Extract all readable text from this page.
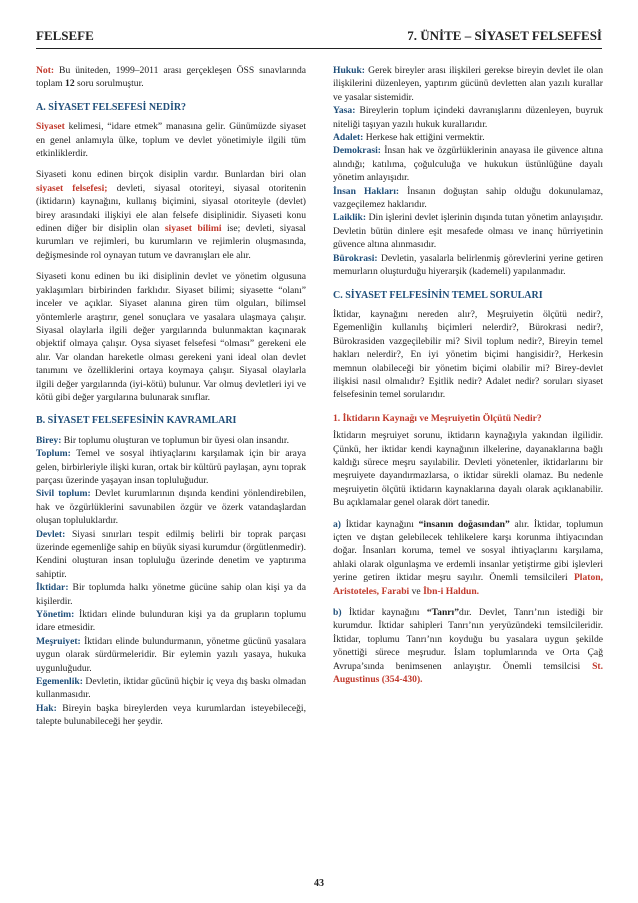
FELSEFE	7. ÜNİTE – SİYASET FELSEFESİ

Not: Bu üniteden, 1999–2011 arası gerçekleşen ÖSS sınavlarında toplam 12 soru sorulmuştur.

A. SİYASET FELSEFESİ NEDİR?

Siyaset kelimesi, “idare etmek” manasına gelir. Günümüzde siyaset en genel anlamıyla ülke, toplum ve devlet yönetimiyle ilgili tüm etkinliklerdir.

Siyaseti konu edinen birçok disiplin vardır. Bunlardan biri olan siyaset felsefesi; devleti, siyasal otoriteyi, siyasal otoritenin (iktidarın) kaynağını, kullanış biçimini, siyasal otoriteyle (devlet) birey arasındaki ilişkiyi ele alan felsefe disiplinidir. Siyaseti konu edinen diğer bir disiplin olan siyaset bilimi ise; devleti, siyasal kurumları ve rejimleri, bu kurumların ve rejimlerin oluşmasında, değişmesinde rol oynayan tutum ve davranışları ele alır.

Siyaseti konu edinen bu iki disiplinin devlet ve yönetim olgusuna yaklaşımları birbirinden farklıdır. Siyaset bilimi; siyasette “olanı” inceler ve açıklar. Siyaset alanına giren tüm olguları, bilimsel yöntemlerle araştırır, genel sonuçlara ve yasalara ulaşmaya çalışır. Siyasal olaylarla ilgili değer yargılarında bulunmaktan kaçınarak objektif olmaya çalışır. Oysa siyaset felsefesi “olması” gerekeni ele alır. Var olandan hareketle olması gerekeni yani ideal olan devlet tanımını ve özelliklerini ortaya koymaya çalışır. Siyasal olaylarla ilgili değer yargılarında (iyi-kötü) bulunur. Var olmuş devletleri iyi ve kötü gibi değer yargılarına bulunarak sınıflar.

B. SİYASET FELSEFESİNİN KAVRAMLARI

Birey: Bir toplumu oluşturan ve toplumun bir üyesi olan insandır.

Toplum: Temel ve sosyal ihtiyaçlarını karşılamak için bir araya gelen, birbirleriyle ilişki kuran, ortak bir kültürü paylaşan, aynı toprak parçası üzerinde yaşayan insan topluluğudur.

Sivil toplum: Devlet kurumlarının dışında kendini yönlendirebilen, hak ve özgürlüklerini savunabilen özgür ve özerk vatandaşlardan oluşan topluluklardır.

Devlet: Siyasi sınırları tespit edilmiş belirli bir toprak parçası üzerinde egemenliğe sahip en büyük siyasi kurumdur (örgütlenmedir). Kendini oluşturan insan topluluğu üzerinde denetim ve yaptırıma sahiptir.

İktidar: Bir toplumda halkı yönetme gücüne sahip olan kişi ya da kişilerdir.

Yönetim: İktidarı elinde bulunduran kişi ya da grupların toplumu idare etmesidir.

Meşruiyet: İktidarı elinde bulundurmanın, yönetme gücünü yasalara uygun olarak sürdürmeleridir. Bir eylemin yazılı yasaya, hukuka uygunluğudur.

Egemenlik: Devletin, iktidar gücünü hiçbir iç veya dış baskı olmadan kullanmasıdır.

Hak: Bireyin başka bireylerden veya kurumlardan isteyebileceği, talepte bulunabileceği her şeydir.

Hukuk: Gerek bireyler arası ilişkileri gerekse bireyin devlet ile olan ilişkilerini düzenleyen, yaptırım gücünü devletten alan yazılı kurallar ve yasalar sistemidir.

Yasa: Bireylerin toplum içindeki davranışlarını düzenleyen, buyruk niteliği taşıyan yazılı hukuk kurallarıdır.

Adalet: Herkese hak ettiğini vermektir.

Demokrasi: İnsan hak ve özgürlüklerinin anayasa ile güvence altına alındığı; katılıma, çoğulculuğa ve hukukun üstünlüğüne dayalı yönetim anlayışıdır.

İnsan Hakları: İnsanın doğuştan sahip olduğu dokunulamaz, vazgeçilemez haklarıdır.

Laiklik: Din işlerini devlet işlerinin dışında tutan yönetim anlayışıdır. Devletin bütün dinlere eşit mesafede olması ve inanç hürriyetinin güvence altına alınmasıdır.

Bürokrasi: Devletin, yasalarla belirlenmiş görevlerini yerine getiren memurların oluşturduğu hiyerarşik (kademeli) yapılanmadır.

C. SİYASET FELFESİNİN TEMEL SORULARI

İktidar, kaynağını nereden alır?, Meşruiyetin ölçütü nedir?, Egemenliğin kullanılış biçimleri nelerdir?, Bürokrasi nedir?, Bürokrasiden vazgeçilebilir mi? Sivil toplum nedir?, Bireyin temel hakları nelerdir?, En iyi yönetim biçimi hangisidir?, Herkesin memnun olabileceği bir yönetim biçimi olabilir mi? Birey-devlet ilişkisi nasıl olmalıdır? Eşitlik nedir? Adalet nedir? soruları siyaset felsefesinin temel sorularıdır.

1. İktidarın Kaynağı ve Meşruiyetin Ölçütü Nedir?

İktidarın meşruiyet sorunu, iktidarın kaynağıyla yakından ilgilidir. Çünkü, her iktidar kendi kaynağının ilkelerine, dayanaklarına bağlı kaldığı sürece meşru sayılabilir. Devleti yönetenler, iktidarlarını bir meşruiyete dayandırmazlarsa, o iktidar sürekli olamaz. Bu nedenle meşruiyetin ölçütü iktidarın kaynaklarına dayalı olarak açıklanabilir. Bu açıklamalar genel olarak dört tanedir.

a) İktidar kaynağını “insanın doğasından” alır. İktidar, toplumun içten ve dıştan gelebilecek tehlikelere karşı korunma ihtiyacından doğar. İnsanları koruma, temel ve sosyal ihtiyaçlarını karşılama, ahlaki olarak olgunlaşma ve erdemli insanlar yetiştirme gibi işlevleri yerine getiren iktidar meşru sayılır. Önemli temsilcileri Platon, Aristoteles, Farabi ve İbn-i Haldun.

b) İktidar kaynağını “Tanrı”dır. Devlet, Tanrı’nın istediği bir kurumdur. İktidar sahipleri Tanrı’nın yeryüzündeki temsilcileridir. İktidar, toplumu Tanrı’nın koyduğu bu yasalara uygun şekilde yönettiği sürece meşrudur. İslam toplumlarında ve Orta Çağ Avrupa’sında benimsenen anlayıştır. Önemli temsilcisi St. Augustinus (354-430).

43
